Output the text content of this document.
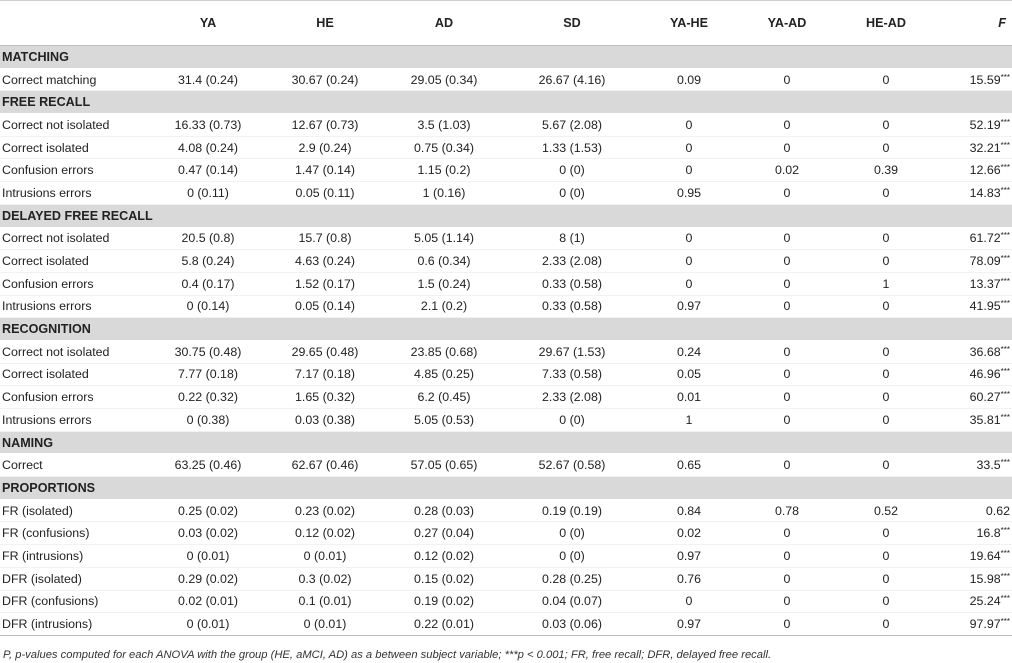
	YA	HE	AD	SD	YA-HE	YA-AD	HE-AD	F
MATCHING								
Correct matching	31.4 (0.24)	30.67 (0.24)	29.05 (0.34)	26.67 (4.16)	0.09	0	0	15.59***
FREE RECALL								
Correct not isolated	16.33 (0.73)	12.67 (0.73)	3.5 (1.03)	5.67 (2.08)	0	0	0	52.19***
Correct isolated	4.08 (0.24)	2.9 (0.24)	0.75 (0.34)	1.33 (1.53)	0	0	0	32.21***
Confusion errors	0.47 (0.14)	1.47 (0.14)	1.15 (0.2)	0 (0)	0	0.02	0.39	12.66***
Intrusions errors	0 (0.11)	0.05 (0.11)	1 (0.16)	0 (0)	0.95	0	0	14.83***
DELAYED FREE RECALL								
Correct not isolated	20.5 (0.8)	15.7 (0.8)	5.05 (1.14)	8 (1)	0	0	0	61.72***
Correct isolated	5.8 (0.24)	4.63 (0.24)	0.6 (0.34)	2.33 (2.08)	0	0	0	78.09***
Confusion errors	0.4 (0.17)	1.52 (0.17)	1.5 (0.24)	0.33 (0.58)	0	0	1	13.37***
Intrusions errors	0 (0.14)	0.05 (0.14)	2.1 (0.2)	0.33 (0.58)	0.97	0	0	41.95***
RECOGNITION								
Correct not isolated	30.75 (0.48)	29.65 (0.48)	23.85 (0.68)	29.67 (1.53)	0.24	0	0	36.68***
Correct isolated	7.77 (0.18)	7.17 (0.18)	4.85 (0.25)	7.33 (0.58)	0.05	0	0	46.96***
Confusion errors	0.22 (0.32)	1.65 (0.32)	6.2 (0.45)	2.33 (2.08)	0.01	0	0	60.27***
Intrusions errors	0 (0.38)	0.03 (0.38)	5.05 (0.53)	0 (0)	1	0	0	35.81***
NAMING								
Correct	63.25 (0.46)	62.67 (0.46)	57.05 (0.65)	52.67 (0.58)	0.65	0	0	33.5***
PROPORTIONS								
FR (isolated)	0.25 (0.02)	0.23 (0.02)	0.28 (0.03)	0.19 (0.19)	0.84	0.78	0.52	0.62
FR (confusions)	0.03 (0.02)	0.12 (0.02)	0.27 (0.04)	0 (0)	0.02	0	0	16.8***
FR (intrusions)	0 (0.01)	0 (0.01)	0.12 (0.02)	0 (0)	0.97	0	0	19.64***
DFR (isolated)	0.29 (0.02)	0.3 (0.02)	0.15 (0.02)	0.28 (0.25)	0.76	0	0	15.98***
DFR (confusions)	0.02 (0.01)	0.1 (0.01)	0.19 (0.02)	0.04 (0.07)	0	0	0	25.24***
DFR (intrusions)	0 (0.01)	0 (0.01)	0.22 (0.01)	0.03 (0.06)	0.97	0	0	97.97***
P, p-values computed for each ANOVA with the group (HE, aMCI, AD) as a between subject variable; ***p < 0.001; FR, free recall; DFR, delayed free recall.
